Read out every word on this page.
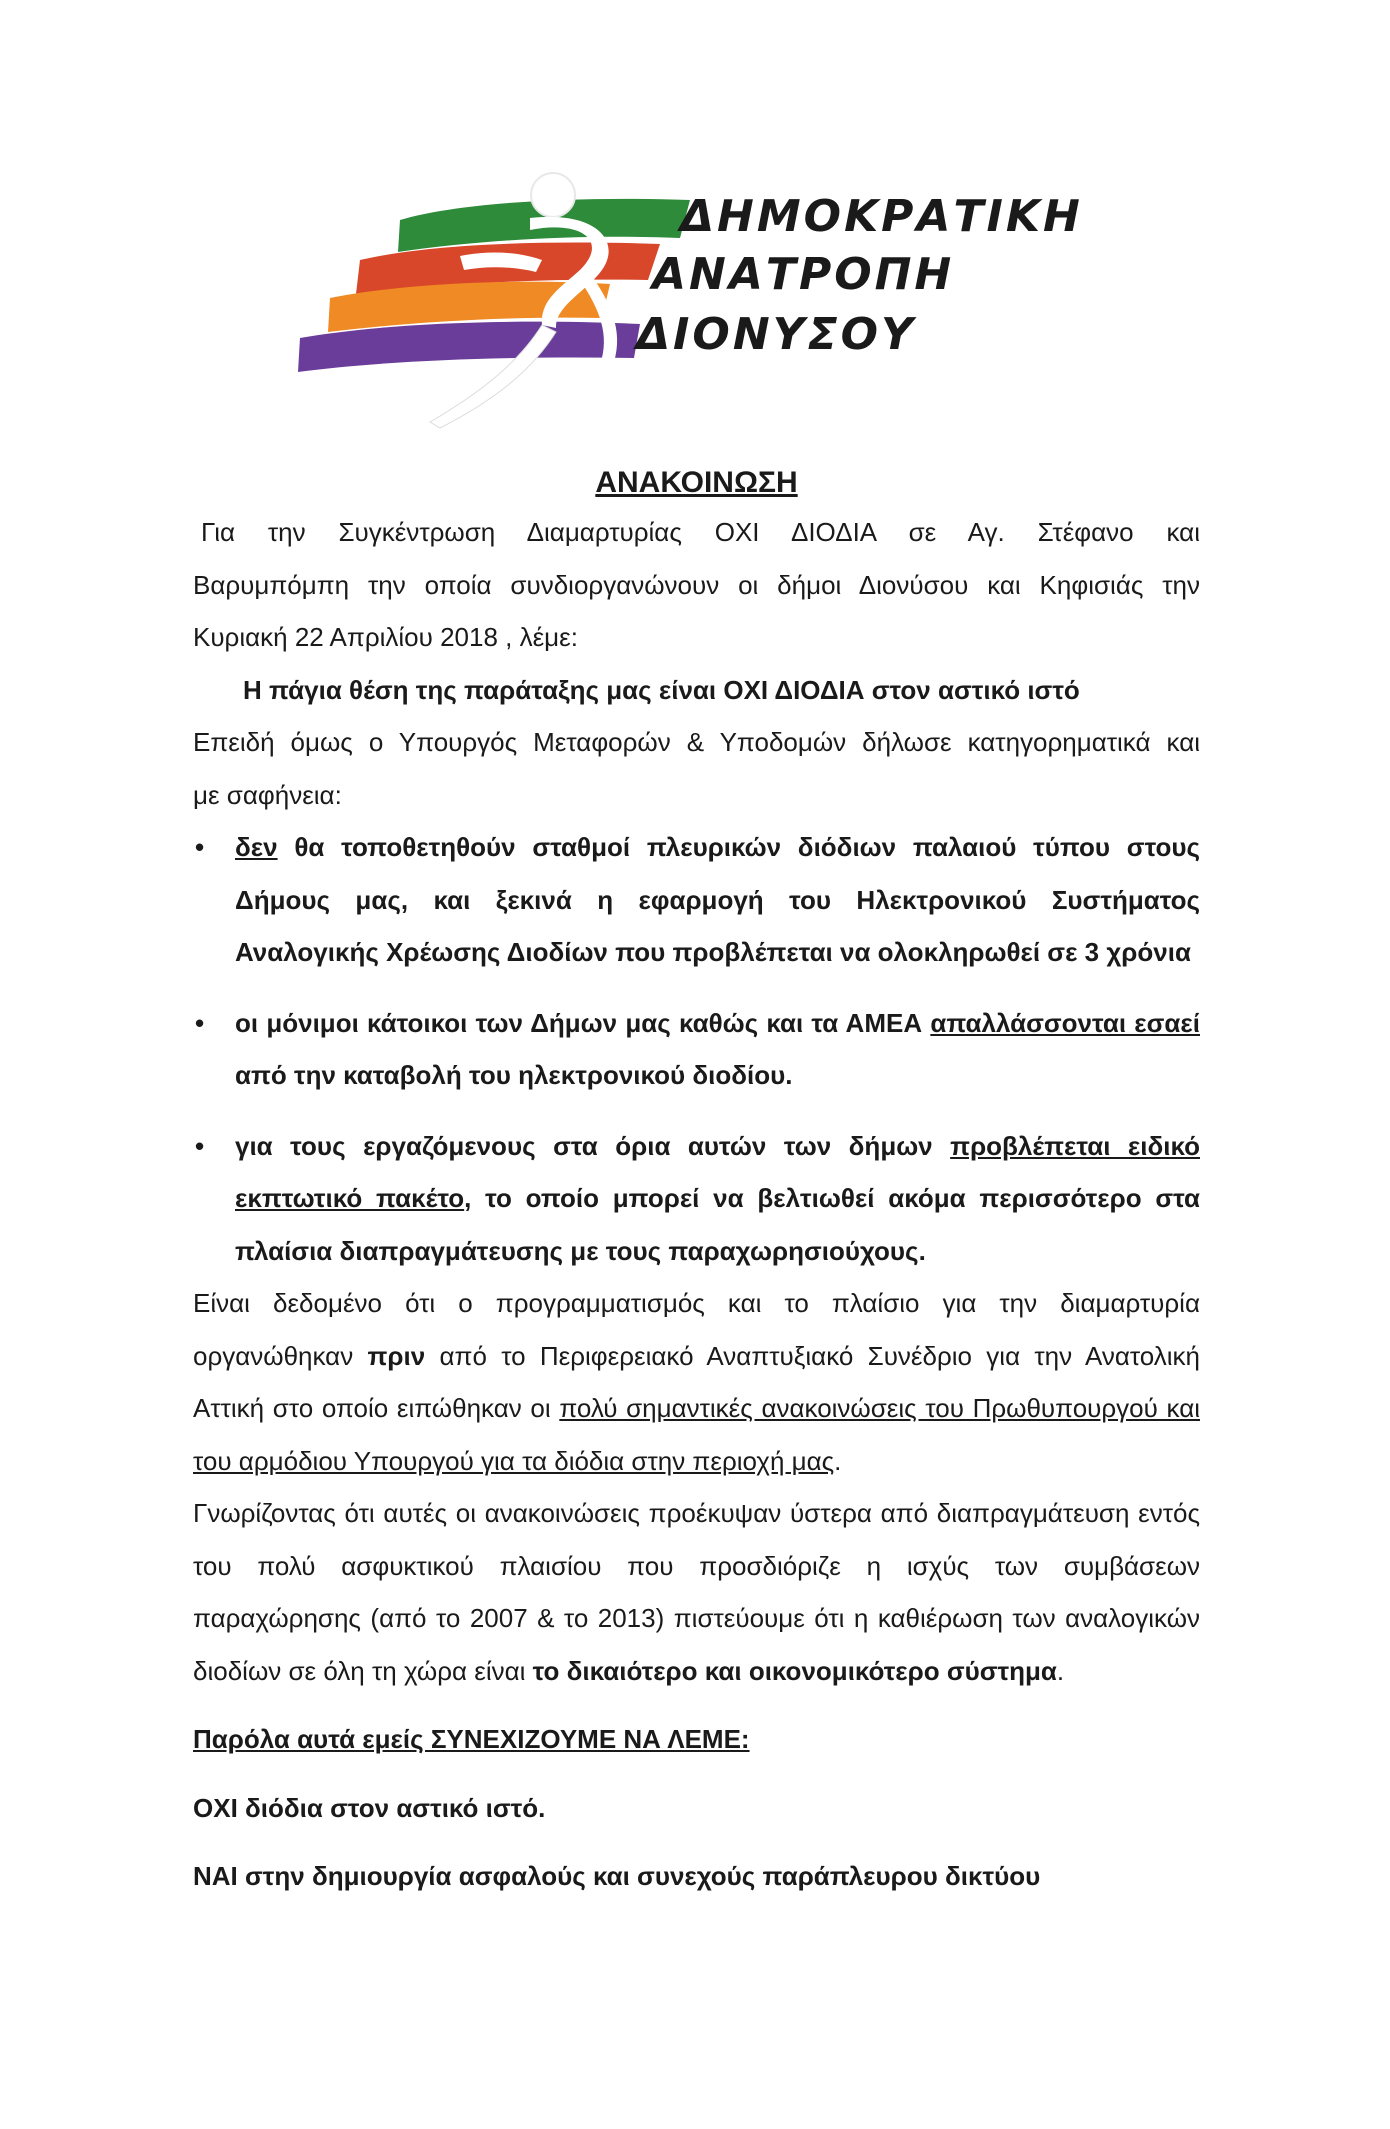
ΔΗΜΟΚΡΑΤΙΚΗ
ΑΝΑΤΡΟΠΗ
ΔΙΟΝΥΣΟΥ
ΑΝΑΚΟΙΝΩΣΗ

Για την Συγκέντρωση Διαμαρτυρίας ΟΧΙ ΔΙΟΔΙΑ σε Αγ. Στέφανο και

Βαρυμπόμπη την οποία συνδιοργανώνουν οι δήμοι Διονύσου και Κηφισιάς την

Κυριακή 22 Απριλίου 2018 , λέμε:

Η πάγια θέση της παράταξης μας είναι ΟΧΙ ΔΙΟΔΙΑ στον αστικό ιστό

Επειδή όμως ο Υπουργός Μεταφορών & Υποδομών δήλωσε κατηγορηματικά και

με σαφήνεια:

• δεν θα τοποθετηθούν σταθμοί πλευρικών διόδιων παλαιού τύπου στους Δήμους μας, και ξεκινά η εφαρμογή του Ηλεκτρονικού Συστήματος Αναλογικής Χρέωσης Διοδίων που προβλέπεται να ολοκληρωθεί σε 3 χρόνια
• οι μόνιμοι κάτοικοι των Δήμων μας καθώς και τα ΑΜΕΑ απαλλάσσονται εσαεί από την καταβολή του ηλεκτρονικού διοδίου.
• για τους εργαζόμενους στα όρια αυτών των δήμων προβλέπεται ειδικό εκπτωτικό πακέτο, το οποίο μπορεί να βελτιωθεί ακόμα περισσότερο στα πλαίσια διαπραγμάτευσης με τους παραχωρησιούχους.

Είναι δεδομένο ότι ο προγραμματισμός και το πλαίσιο για την διαμαρτυρία οργανώθηκαν πριν από το Περιφερειακό Αναπτυξιακό Συνέδριο για την Ανατολική Αττική στο οποίο ειπώθηκαν οι πολύ σημαντικές ανακοινώσεις του Πρωθυπουργού και του αρμόδιου Υπουργού για τα διόδια στην περιοχή μας.

Γνωρίζοντας ότι αυτές οι ανακοινώσεις προέκυψαν ύστερα από διαπραγμάτευση εντός του πολύ ασφυκτικού πλαισίου που προσδιόριζε η ισχύς των συμβάσεων παραχώρησης (από το 2007 & το 2013) πιστεύουμε ότι η καθιέρωση των αναλογικών διοδίων σε όλη τη χώρα είναι το δικαιότερο και οικονομικότερο σύστημα.

Παρόλα αυτά εμείς ΣΥΝΕΧΙΖΟΥΜΕ ΝΑ ΛΕΜΕ:

ΟΧΙ διόδια στον αστικό ιστό.

ΝΑΙ στην δημιουργία ασφαλούς και συνεχούς παράπλευρου δικτύου
